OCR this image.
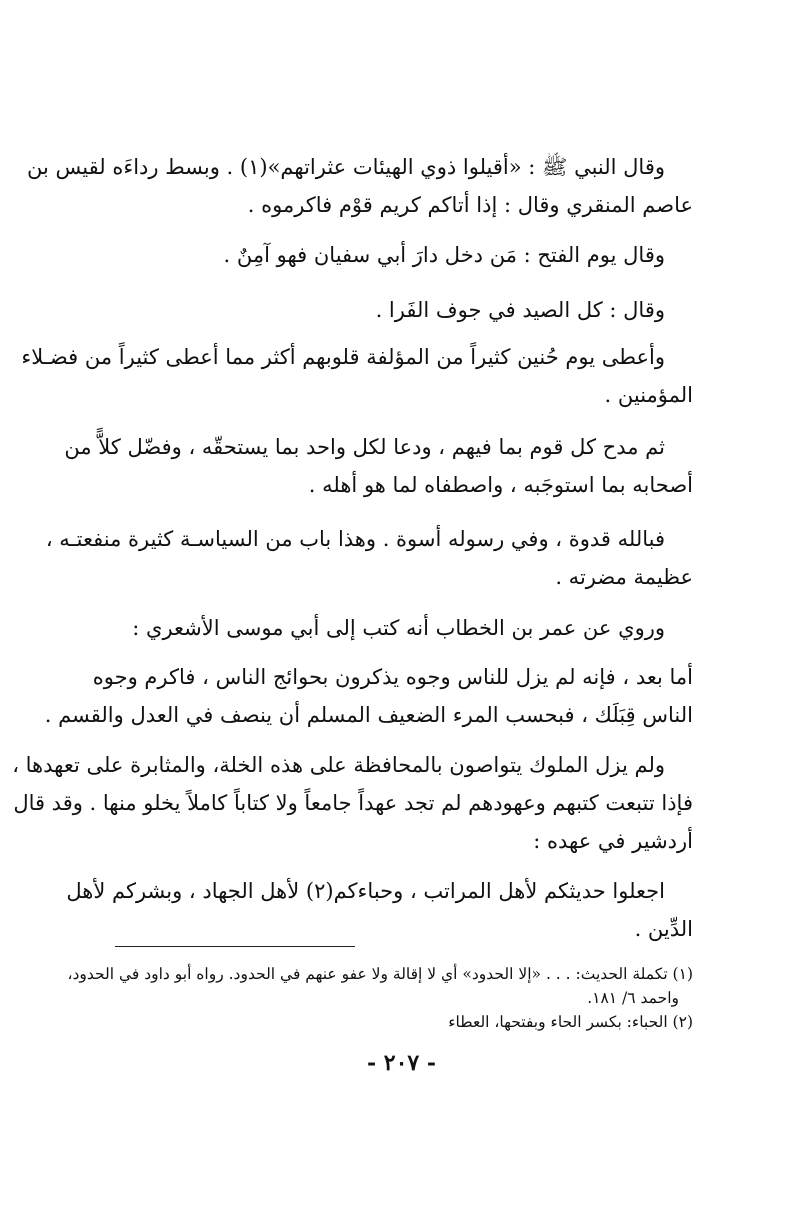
وقال النبي ﷺ : «أقيلوا ذوي الهيئات عثراتهم»(١) . وبسط رداءَه لقيس بن
عاصم المنقري وقال : إذا أتاكم كريم قوْم فاكرموه .
وقال يوم الفتح : مَن دخل دارَ أبي سفيان فهو آمِنٌ .
وقال : كل الصيد في جوف الفَرا .
وأعطى يوم حُنين كثيراً من المؤلفة قلوبهم أكثر مما أعطى كثيراً من فضـلاء
المؤمنين .
ثم مدح كل قوم بما فيهم ، ودعا لكل واحد بما يستحقّه ، وفضّل كلاًّ من
أصحابه بما استوجَبه ، واصطفاه لما هو أهله .
فبالله قدوة ، وفي رسوله أسوة . وهذا باب من السياسـة كثيرة منفعتـه ،
عظيمة مضرته .
وروي عن عمر بن الخطاب أنه كتب إلى أبي موسى الأشعري :
أما بعد ، فإنه لم يزل للناس وجوه يذكرون بحوائج الناس ، فاكرم وجوه
الناس قِبَلَك ، فبحسب المرء الضعيف المسلم أن ينصف في العدل والقسم .
ولم يزل الملوك يتواصون بالمحافظة على هذه الخلة، والمثابرة على تعهدها ،
فإذا تتبعت كتبهم وعهودهم لم تجد عهداً جامعاً ولا كتاباً كاملاً يخلو منها . وقد قال
أردشير في عهده :
اجعلوا حديثكم لأهل المراتب ، وحباءكم(٢) لأهل الجهاد ، وبشركم لأهل
الدِّين .
(١) تكملة الحديث: . . . «إلا الحدود» أي لا إقالة ولا عفو عنهم في الحدود. رواه أبو داود في الحدود،
واحمد ٦/ ١٨١.
(٢) الحباء: بكسر الحاء وبفتحها، العطاء
- ٢٠٧ -
